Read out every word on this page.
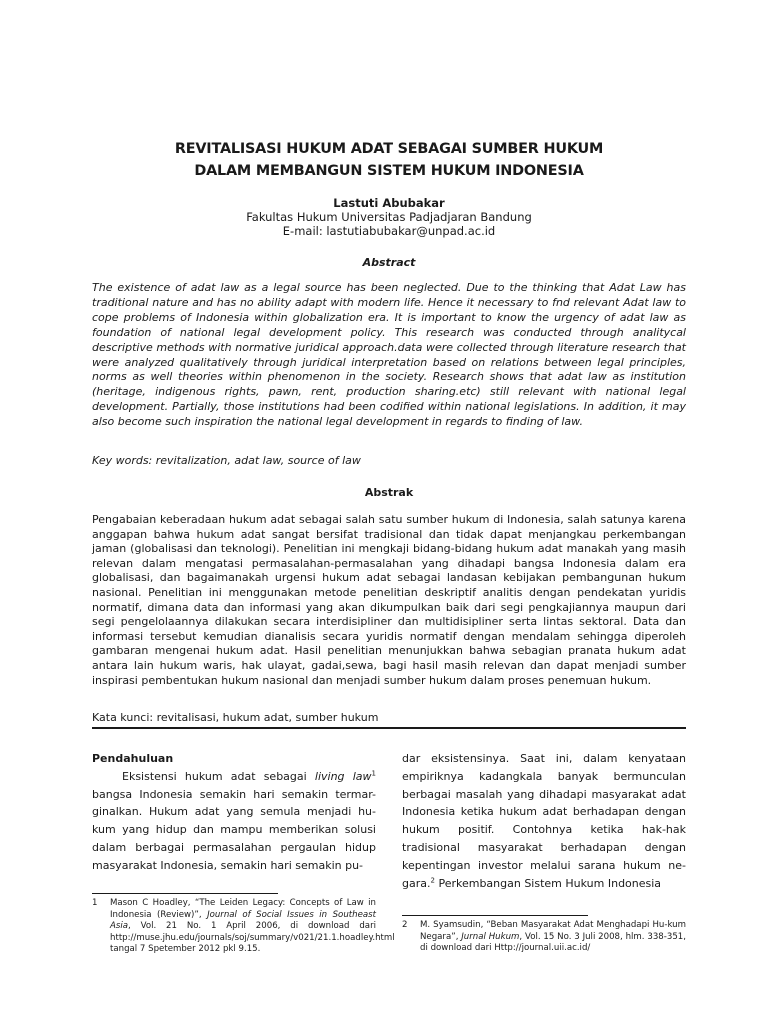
REVITALISASI HUKUM ADAT SEBAGAI SUMBER HUKUM
DALAM MEMBANGUN SISTEM HUKUM INDONESIA
Lastuti Abubakar
Fakultas Hukum Universitas Padjadjaran Bandung
E-mail: lastutiabubakar@unpad.ac.id
Abstract
The existence of adat law as a legal source has been neglected. Due to the thinking that Adat Law has traditional nature and has no ability adapt with modern life. Hence it necessary to fnd relevant Adat law to cope problems of Indonesia within globalization era. It is important to know the urgency of adat law as foundation of national legal development policy. This research was conducted through analitycal descriptive methods with normative juridical approach.data were collected through literature research that were analyzed qualitatively through juridical interpretation based on relations between legal principles, norms as well theories within phenomenon in the society. Research shows that adat law as institution (heritage, indigenous rights, pawn, rent, production sharing.etc) still relevant with national legal development. Partially, those institutions had been codified within national legislations. In addition, it may also become such inspiration the national legal development in regards to finding of law.
Key words: revitalization, adat law, source of law
Abstrak
Pengabaian keberadaan hukum adat sebagai salah satu sumber hukum di Indonesia, salah satunya karena anggapan bahwa hukum adat sangat bersifat tradisional dan tidak dapat menjangkau perkembangan jaman (globalisasi dan teknologi). Penelitian ini mengkaji bidang-bidang hukum adat manakah yang masih relevan dalam mengatasi permasalahan-permasalahan yang dihadapi bangsa Indonesia dalam era globalisasi, dan bagaimanakah urgensi hukum adat sebagai landasan kebijakan pembangunan hukum nasional. Penelitian ini menggunakan metode penelitian deskriptif analitis dengan pendekatan yuridis normatif, dimana data dan informasi yang akan dikumpulkan baik dari segi pengkajiannya maupun dari segi pengelolaannya dilakukan secara interdisipliner dan multidisipliner serta lintas sektoral. Data dan informasi tersebut kemudian dianalisis secara yuridis normatif dengan mendalam sehingga diperoleh gambaran mengenai hukum adat. Hasil penelitian menunjukkan bahwa sebagian pranata hukum adat antara lain hukum waris, hak ulayat, gadai,sewa, bagi hasil masih relevan dan dapat menjadi sumber inspirasi pembentukan hukum nasional dan menjadi sumber hukum dalam proses penemuan hukum.
Kata kunci: revitalisasi, hukum adat, sumber hukum
Pendahuluan
Eksistensi hukum adat sebagai living law$^1$ bangsa Indonesia semakin hari semakin termar-ginalkan. Hukum adat yang semula menjadi hu-kum yang hidup dan mampu memberikan solusi dalam berbagai permasalahan pergaulan hidup masyarakat Indonesia, semakin hari semakin pu-
dar eksistensinya. Saat ini, dalam kenyataan empiriknya kadangkala banyak bermunculan berbagai masalah yang dihadapi masyarakat adat Indonesia ketika hukum adat berhadapan dengan hukum positif. Contohnya ketika hak-hak tradisional masyarakat berhadapan dengan kepentingan investor melalui sarana hukum ne-gara.$^2$ Perkembangan Sistem Hukum Indonesia
1 Mason C Hoadley, “The Leiden Legacy: Concepts of Law in Indonesia (Review)”, Journal of Social Issues in Southeast Asia, Vol. 21 No. 1 April 2006, di download dari http://muse.jhu.edu/journals/soj/summary/v021/21.1.hoadley.html tangal 7 Spetember 2012 pkl 9.15.
2 M. Syamsudin, “Beban Masyarakat Adat Menghadapi Hu-kum Negara”, Jurnal Hukum, Vol. 15 No. 3 Juli 2008, hlm. 338-351, di download dari Http://journal.uii.ac.id/
